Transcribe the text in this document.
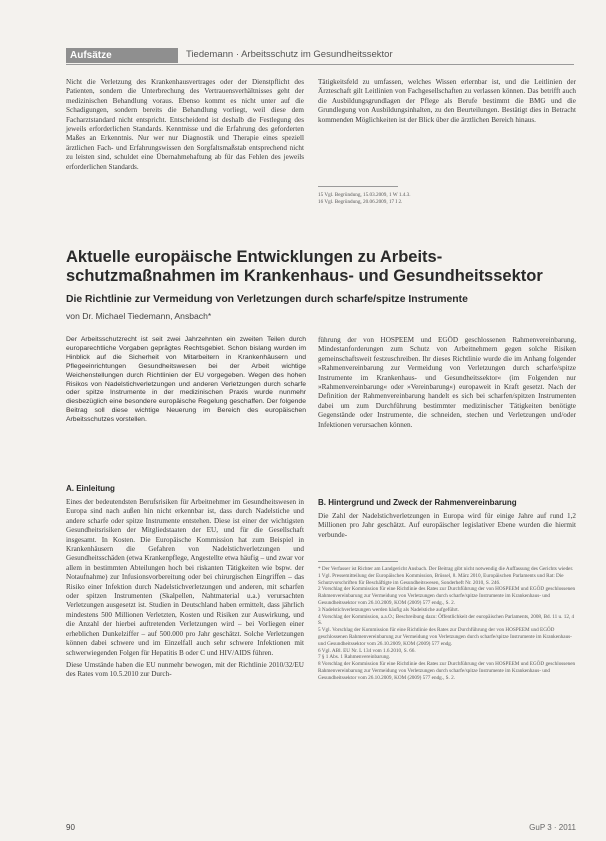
Aufsätze	Tiedemann · Arbeitsschutz im Gesundheitssektor

Nicht die Verletzung des Krankenhausvertrages oder der Dienstpflicht des Patienten, sondern die Unterbrechung des Vertrauensverhältnisses geht der medizinischen Behandlung voraus. Ebenso kommt es nicht unter auf die Schadigungen, sondern bereits die Behandlung vorliegt, weil diese dem Facharztstandard nicht entspricht. Entscheidend ist deshalb die Festlegung des jeweils erforderlichen Standards. Kenntnisse und die Erfahrung des geforderten Maßes an Erkenntnis. Nur wer nur Diagnostik und Therapie eines speziell ärztlichen Fach- und Erfahrungswissen den Sorgfaltsmaßstab entsprechend nicht zu leisten sind, schuldet eine Übernahmehaftung ab für das Fehlen des jeweils erforderlichen Standards.

Tätigkeitsfeld zu umfassen, welches Wissen erlernbar ist, und die Leitlinien der Ärzteschaft gilt Leitlinien von Fachgesellschaften zu verlassen können. Das betrifft auch die Ausbildungsgrundlagen der Pflege als Berufe bestimmt die BMG und die Grundlegung von Ausbildungsinhalten, zu den Beurteilungen. Bestätigt dies in Betracht kommenden Möglichkeiten ist der Blick über die ärztlichen Bereich hinaus.

15 Vgl. Begründung, 15.03.2009, 1 W 1.4.3.
16 Vgl. Begründung, 20.06.2009, 17 I 2.
Aktuelle europäische Entwicklungen zu Arbeits-schutzmaßnahmen im Krankenhaus- und Gesundheitssektor
Die Richtlinie zur Vermeidung von Verletzungen durch scharfe/spitze Instrumente
von Dr. Michael Tiedemann, Ansbach*
Der Arbeitsschutzrecht ist seit zwei Jahrzehnten ein zweiten Teilen durch europarechtliche Vorgaben geprägtes Rechtsgebiet. Schon bislang wurden im Hinblick auf die Sicherheit von Mitarbeitern in Krankenhäusern und Pflegeeinrichtungen Gesundheitswesen bei der Arbeit wichtige Weichenstellungen durch Richtlinien der EU vorgegeben. Wegen des hohen Risikos von Nadelstichverletzungen und anderen Verletzungen durch scharfe oder spitze Instrumente in der medizinischen Praxis wurde nunmehr diesbezüglich eine besondere europäische Regelung geschaffen. Der folgende Beitrag soll diese wichtige Neuerung im Bereich des europäischen Arbeitsschutzes vorstellen.
A. Einleitung

Eines der bedeutendsten Berufsrisiken für Arbeitnehmer im Gesundheitswesen in Europa sind nach außen hin nicht erkennbar ist, dass durch Nadelstiche und andere scharfe oder spitze Instrumente entstehen. Diese ist einer der wichtigsten Gesundheitsrisiken der Mitgliedstaaten der EU, und für die Gesellschaft insgesamt. In Kosten. Die Europäische Kommission hat zum Beispiel in Krankenhäusern die Gefahren von Nadelstichverletzungen und Gesundheitsschäden (etwa Krankenpflege, Angestellte etwa häufig – und zwar vor allem in bestimmten Abteilungen hoch bei riskanten Tätigkeiten wie bspw. der Notaufnahme) zur Infusionsvorbereitung oder bei chirurgischen Eingriffen – das Risiko einer Infektion durch Nadelstichverletzungen und anderen, mit scharfen oder spitzen Instrumenten (Skalpellen, Nahtmaterial u.a.) verursachten Verletzungen ausgesetzt ist. Studien in Deutschland haben ermittelt, dass jährlich mindestens 500 Millionen Verletzten, Kosten und Risiken zur Auswirkung, und die Anzahl der hierbei auftretenden Verletzungen wird – bei Vorliegen einer erheblichen Dunkelziffer – auf 500.000 pro Jahr geschätzt. Solche Verletzungen können dabei schwere und im Einzelfall auch sehr schwere Infektionen mit schwerwiegenden Folgen für Hepatitis B oder C und HIV/AIDS führen.

Diese Umstände haben die EU nunmehr bewogen, mit der Richtlinie 2010/32/EU des Rates vom 10.5.2010 zur Durch-

führung der von HOSPEEM und EGÖD geschlossenen Rahmenvereinbarung, Mindestanforderungen zum Schutz von Arbeitnehmern gegen solche Risiken gemeinschaftsweit festzuschreiben. Ihr dieses Richtlinie wurde die im Anhang folgender »Rahmenvereinbarung zur Vermeidung von Verletzungen durch scharfe/spitze Instrumente im Krankenhaus- und Gesundheitssektor« (im Folgenden nur »Rahmenvereinbarung« oder »Vereinbarung«) europaweit in Kraft gesetzt. Nach der Definition der Rahmenvereinbarung handelt es sich bei scharfen/spitzen Instrumenten dabei um zum Durchführung bestimmter medizinischer Tätigkeiten benötigte Gegenstände oder Instrumente, die schneiden, stechen und Verletzungen und/oder Infektionen verursachen können.

B. Hintergrund und Zweck der Rahmenvereinbarung

Die Zahl der Nadelstichverletzungen in Europa wird für einige Jahre auf rund 1,2 Millionen pro Jahr geschätzt. Auf europäischer legislativer Ebene wurden die hiermit verbunde-

* Der Verfasser ist Richter am Landgericht Ansbach. Der Beitrag gibt nicht notwendig die Auffassung des Gerichts wieder.
1 Vgl. Pressemitteilung der Europäischen Kommission, Brüssel, 8. März 2010, Europäischen Parlaments und Rat: Die Schutzvorschriften für Beschäftigte im Gesundheitswesen, Sonderheft Nr. 2010, S. 246.
2 Vorschlag der Kommission für eine Richtlinie des Rates zur Durchführung der von HOSPEEM und EGÖD geschlossenen Rahmenvereinbarung zur Vermeidung von Verletzungen durch scharfe/spitze Instrumente im Krankenhaus- und Gesundheitssektor vom 26.10.2009, KOM (2009) 577 endg., S. 2.
3 Nadelstichverletzungen werden häufig als Nadelstiche aufgeführt.
4 Vorschlag der Kommission, a.a.O.; Beschreibung dazu: Öffentlichkeit der europäischen Parlaments, 2008, Bd. 11 u. 12, 4 S.
5 Vgl. Vorschlag der Kommission für eine Richtlinie des Rates zur Durchführung der von HOSPEEM und EGÖD geschlossenen Rahmenvereinbarung zur Vermeidung von Verletzungen durch scharfe/spitze Instrumente im Krankenhaus- und Gesundheitssektor vom 26.10.2009, KOM (2009) 577 endg.
6 Vgl. ABl. EU Nr. L 134 vom 1.6.2010, S. 66.
7 § 1 Abs. 1 Rahmenvereinbarung.
8 Vorschlag der Kommission für eine Richtlinie des Rates zur Durchführung der von HOSPEEM und EGÖD geschlossenen Rahmenvereinbarung zur Vermeidung von Verletzungen durch scharfe/spitze Instrumente im Krankenhaus- und Gesundheitssektor vom 26.10.2009, KOM (2009) 577 endg., S. 2.
90	GuP 3 · 2011
